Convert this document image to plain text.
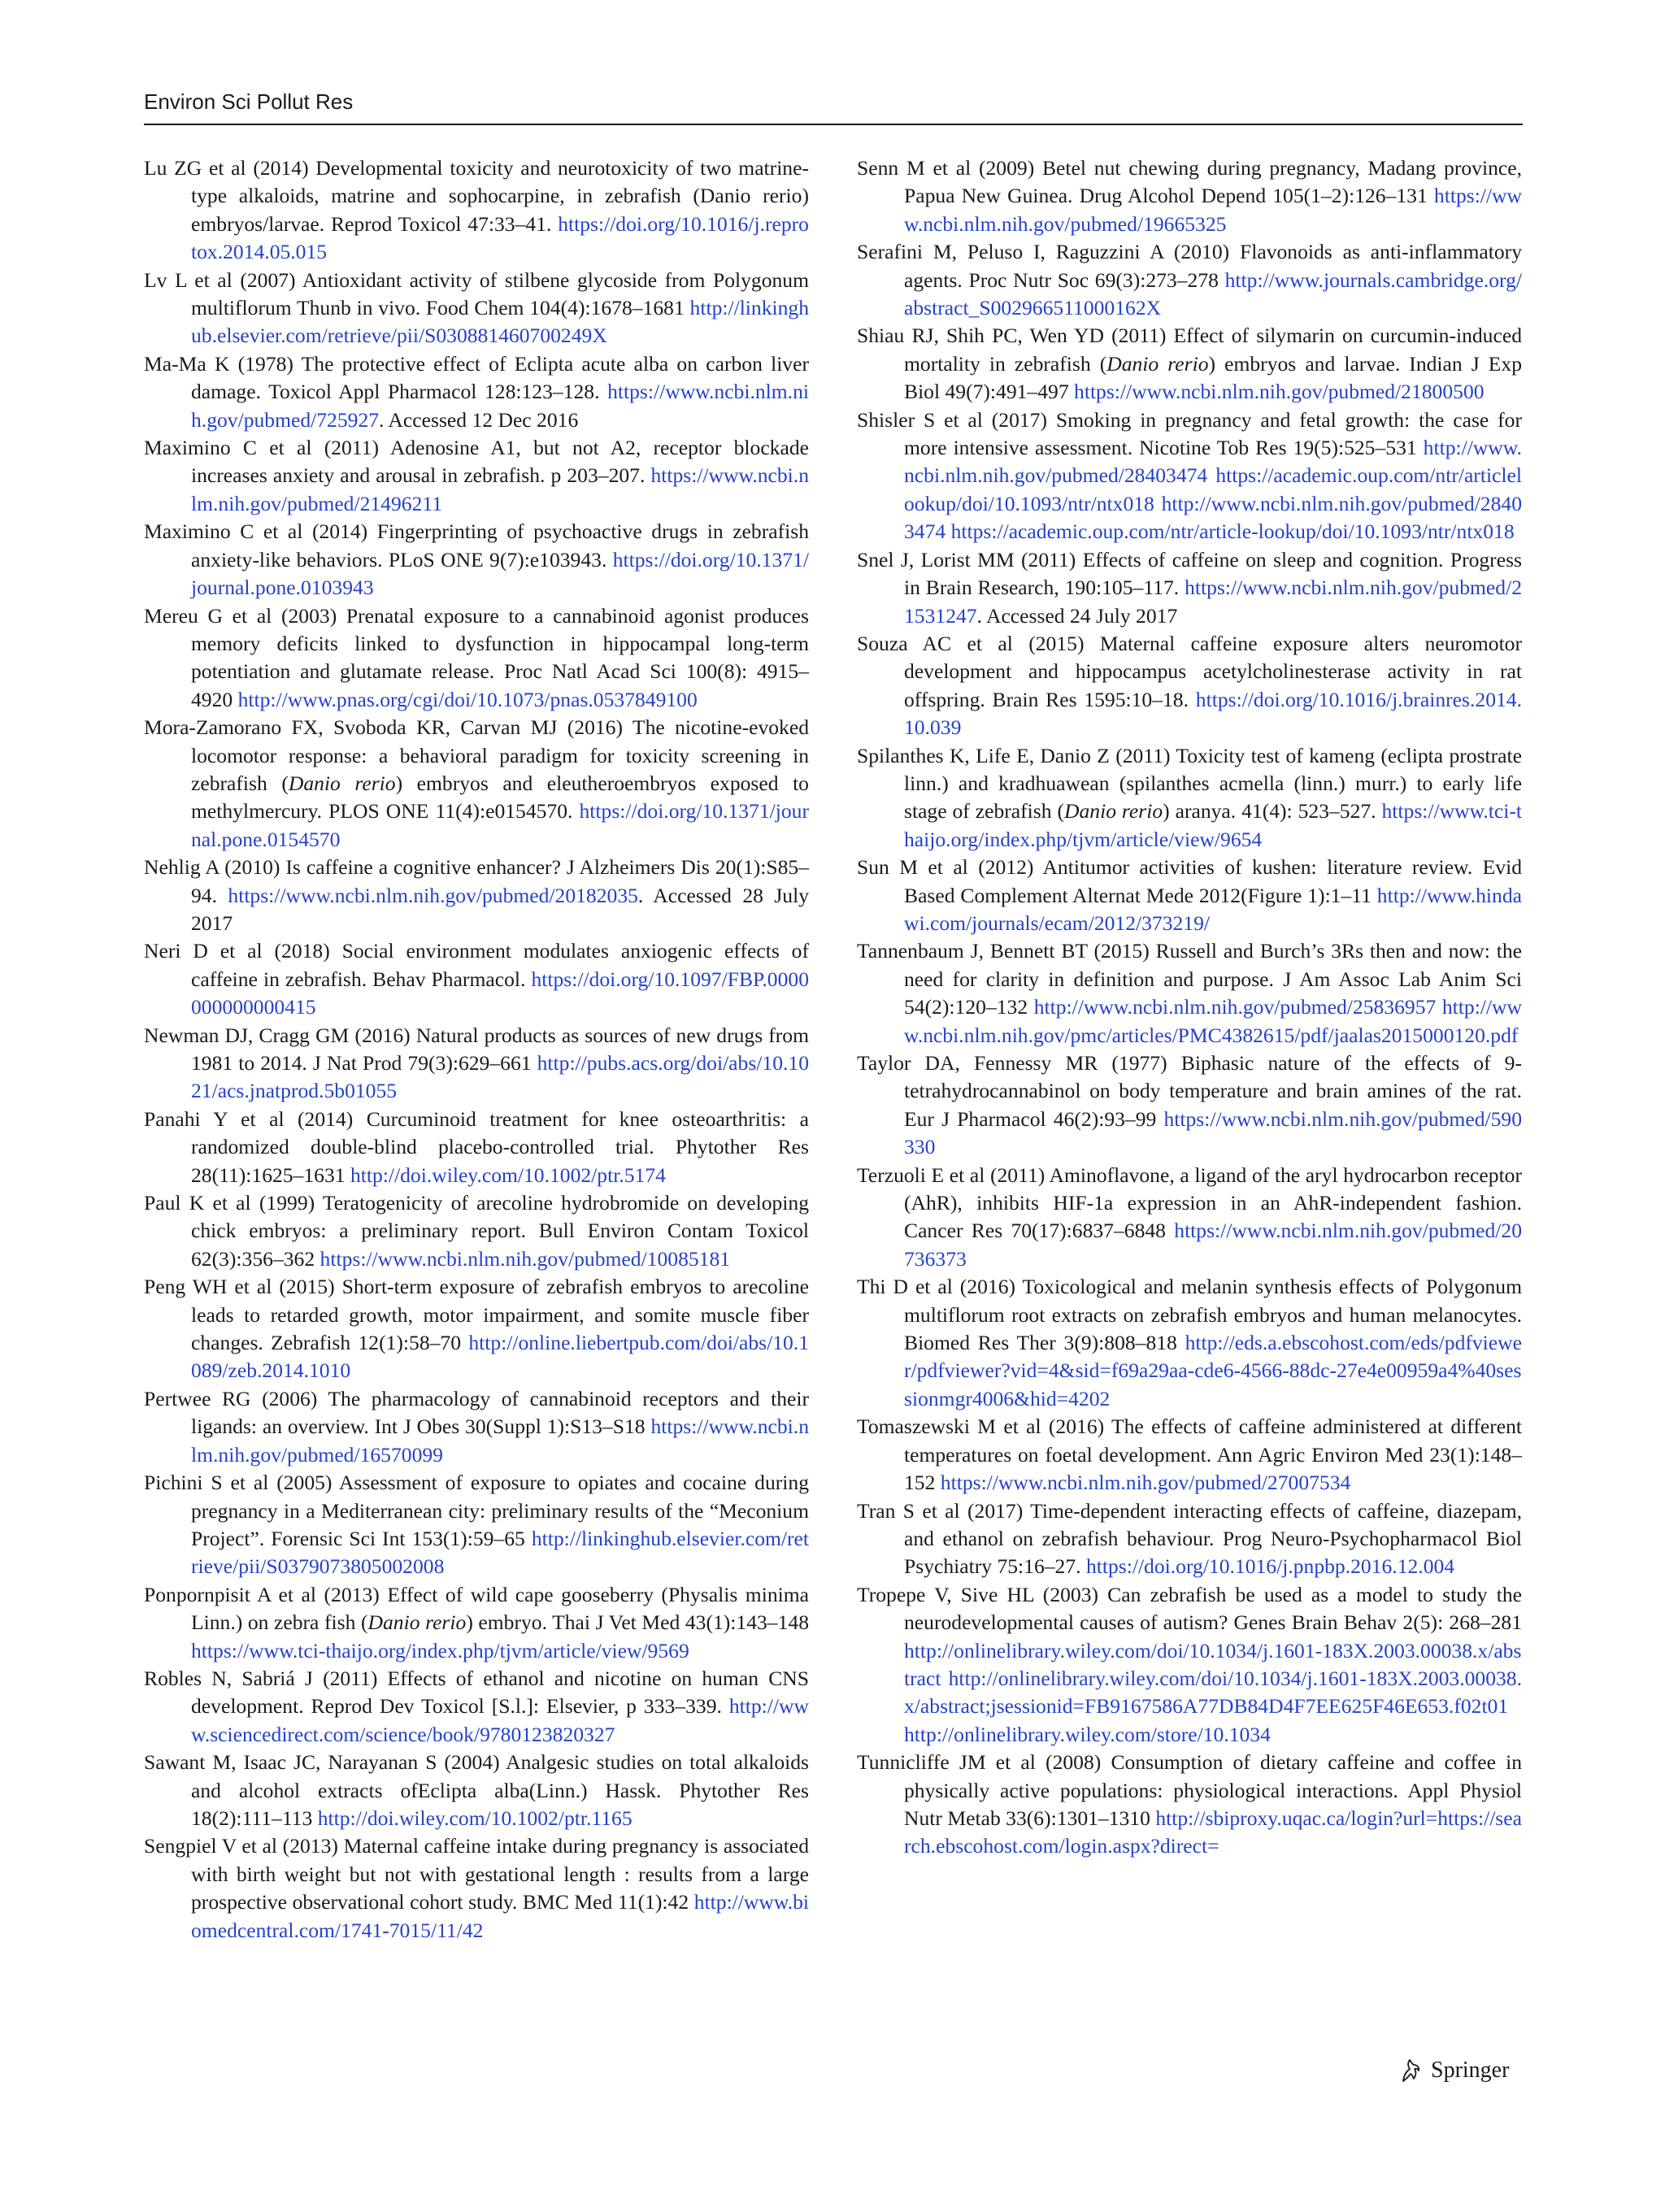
Environ Sci Pollut Res

Lu ZG et al (2014) Developmental toxicity and neurotoxicity of two matrine-type alkaloids, matrine and sophocarpine, in zebrafish (Danio rerio) embryos/larvae. Reprod Toxicol 47:33–41. https://doi.org/10.1016/j.reprotox.2014.05.015

Lv L et al (2007) Antioxidant activity of stilbene glycoside from Polygonum multiflorum Thunb in vivo. Food Chem 104(4):1678–1681 http://linkinghub.elsevier.com/retrieve/pii/S030881460700249X

Ma-Ma K (1978) The protective effect of Eclipta acute alba on carbon liver damage. Toxicol Appl Pharmacol 128:123–128. https://www.ncbi.nlm.nih.gov/pubmed/725927. Accessed 12 Dec 2016

Maximino C et al (2011) Adenosine A1, but not A2, receptor blockade increases anxiety and arousal in zebrafish. p 203–207. https://www.ncbi.nlm.nih.gov/pubmed/21496211

Maximino C et al (2014) Fingerprinting of psychoactive drugs in zebrafish anxiety-like behaviors. PLoS ONE 9(7):e103943. https://doi.org/10.1371/journal.pone.0103943

Mereu G et al (2003) Prenatal exposure to a cannabinoid agonist produces memory deficits linked to dysfunction in hippocampal long-term potentiation and glutamate release. Proc Natl Acad Sci 100(8): 4915–4920 http://www.pnas.org/cgi/doi/10.1073/pnas.0537849100

Mora-Zamorano FX, Svoboda KR, Carvan MJ (2016) The nicotine-evoked locomotor response: a behavioral paradigm for toxicity screening in zebrafish (Danio rerio) embryos and eleutheroembryos exposed to methylmercury. PLOS ONE 11(4):e0154570. https://doi.org/10.1371/journal.pone.0154570

Nehlig A (2010) Is caffeine a cognitive enhancer? J Alzheimers Dis 20(1):S85–94. https://www.ncbi.nlm.nih.gov/pubmed/20182035. Accessed 28 July 2017

Neri D et al (2018) Social environment modulates anxiogenic effects of caffeine in zebrafish. Behav Pharmacol. https://doi.org/10.1097/FBP.0000000000000415

Newman DJ, Cragg GM (2016) Natural products as sources of new drugs from 1981 to 2014. J Nat Prod 79(3):629–661 http://pubs.acs.org/doi/abs/10.1021/acs.jnatprod.5b01055

Panahi Y et al (2014) Curcuminoid treatment for knee osteoarthritis: a randomized double-blind placebo-controlled trial. Phytother Res 28(11):1625–1631 http://doi.wiley.com/10.1002/ptr.5174

Paul K et al (1999) Teratogenicity of arecoline hydrobromide on developing chick embryos: a preliminary report. Bull Environ Contam Toxicol 62(3):356–362 https://www.ncbi.nlm.nih.gov/pubmed/10085181

Peng WH et al (2015) Short-term exposure of zebrafish embryos to arecoline leads to retarded growth, motor impairment, and somite muscle fiber changes. Zebrafish 12(1):58–70 http://online.liebertpub.com/doi/abs/10.1089/zeb.2014.1010

Pertwee RG (2006) The pharmacology of cannabinoid receptors and their ligands: an overview. Int J Obes 30(Suppl 1):S13–S18 https://www.ncbi.nlm.nih.gov/pubmed/16570099

Pichini S et al (2005) Assessment of exposure to opiates and cocaine during pregnancy in a Mediterranean city: preliminary results of the “Meconium Project”. Forensic Sci Int 153(1):59–65 http://linkinghub.elsevier.com/retrieve/pii/S0379073805002008

Ponpornpisit A et al (2013) Effect of wild cape gooseberry (Physalis minima Linn.) on zebra fish (Danio rerio) embryo. Thai J Vet Med 43(1):143–148 https://www.tci-thaijo.org/index.php/tjvm/article/view/9569

Robles N, Sabriá J (2011) Effects of ethanol and nicotine on human CNS development. Reprod Dev Toxicol [S.l.]: Elsevier, p 333–339. http://www.sciencedirect.com/science/book/9780123820327

Sawant M, Isaac JC, Narayanan S (2004) Analgesic studies on total alkaloids and alcohol extracts ofEclipta alba(Linn.) Hassk. Phytother Res 18(2):111–113 http://doi.wiley.com/10.1002/ptr.1165

Sengpiel V et al (2013) Maternal caffeine intake during pregnancy is associated with birth weight but not with gestational length : results from a large prospective observational cohort study. BMC Med 11(1):42 http://www.biomedcentral.com/1741-7015/11/42

Senn M et al (2009) Betel nut chewing during pregnancy, Madang province, Papua New Guinea. Drug Alcohol Depend 105(1–2):126–131 https://www.ncbi.nlm.nih.gov/pubmed/19665325

Serafini M, Peluso I, Raguzzini A (2010) Flavonoids as anti-inflammatory agents. Proc Nutr Soc 69(3):273–278 http://www.journals.cambridge.org/abstract_S002966511000162X

Shiau RJ, Shih PC, Wen YD (2011) Effect of silymarin on curcumin-induced mortality in zebrafish (Danio rerio) embryos and larvae. Indian J Exp Biol 49(7):491–497 https://www.ncbi.nlm.nih.gov/pubmed/21800500

Shisler S et al (2017) Smoking in pregnancy and fetal growth: the case for more intensive assessment. Nicotine Tob Res 19(5):525–531 http://www.ncbi.nlm.nih.gov/pubmed/28403474 https://academic.oup.com/ntr/articlelookup/doi/10.1093/ntr/ntx018 http://www.ncbi.nlm.nih.gov/pubmed/28403474 https://academic.oup.com/ntr/article-lookup/doi/10.1093/ntr/ntx018

Snel J, Lorist MM (2011) Effects of caffeine on sleep and cognition. Progress in Brain Research, 190:105–117. https://www.ncbi.nlm.nih.gov/pubmed/21531247. Accessed 24 July 2017

Souza AC et al (2015) Maternal caffeine exposure alters neuromotor development and hippocampus acetylcholinesterase activity in rat offspring. Brain Res 1595:10–18. https://doi.org/10.1016/j.brainres.2014.10.039

Spilanthes K, Life E, Danio Z (2011) Toxicity test of kameng (eclipta prostrate linn.) and kradhuawean (spilanthes acmella (linn.) murr.) to early life stage of zebrafish (Danio rerio) aranya. 41(4): 523–527. https://www.tci-thaijo.org/index.php/tjvm/article/view/9654

Sun M et al (2012) Antitumor activities of kushen: literature review. Evid Based Complement Alternat Mede 2012(Figure 1):1–11 http://www.hindawi.com/journals/ecam/2012/373219/

Tannenbaum J, Bennett BT (2015) Russell and Burch’s 3Rs then and now: the need for clarity in definition and purpose. J Am Assoc Lab Anim Sci 54(2):120–132 http://www.ncbi.nlm.nih.gov/pubmed/25836957 http://www.ncbi.nlm.nih.gov/pmc/articles/PMC4382615/pdf/jaalas2015000120.pdf

Taylor DA, Fennessy MR (1977) Biphasic nature of the effects of 9-tetrahydrocannabinol on body temperature and brain amines of the rat. Eur J Pharmacol 46(2):93–99 https://www.ncbi.nlm.nih.gov/pubmed/590330

Terzuoli E et al (2011) Aminoflavone, a ligand of the aryl hydrocarbon receptor (AhR), inhibits HIF-1a expression in an AhR-independent fashion. Cancer Res 70(17):6837–6848 https://www.ncbi.nlm.nih.gov/pubmed/20736373

Thi D et al (2016) Toxicological and melanin synthesis effects of Polygonum multiflorum root extracts on zebrafish embryos and human melanocytes. Biomed Res Ther 3(9):808–818 http://eds.a.ebscohost.com/eds/pdfviewer/pdfviewer?vid=4&sid=f69a29aa-cde6-4566-88dc-27e4e00959a4%40sessionmgr4006&hid=4202

Tomaszewski M et al (2016) The effects of caffeine administered at different temperatures on foetal development. Ann Agric Environ Med 23(1):148–152 https://www.ncbi.nlm.nih.gov/pubmed/27007534

Tran S et al (2017) Time-dependent interacting effects of caffeine, diazepam, and ethanol on zebrafish behaviour. Prog Neuro-Psychopharmacol Biol Psychiatry 75:16–27. https://doi.org/10.1016/j.pnpbp.2016.12.004

Tropepe V, Sive HL (2003) Can zebrafish be used as a model to study the neurodevelopmental causes of autism? Genes Brain Behav 2(5): 268–281 http://onlinelibrary.wiley.com/doi/10.1034/j.1601-183X.2003.00038.x/abstract http://onlinelibrary.wiley.com/doi/10.1034/j.1601-183X.2003.00038.x/abstract;jsessionid=FB9167586A77DB84D4F7EE625F46E653.f02t01 http://onlinelibrary.wiley.com/store/10.1034

Tunnicliffe JM et al (2008) Consumption of dietary caffeine and coffee in physically active populations: physiological interactions. Appl Physiol Nutr Metab 33(6):1301–1310 http://sbiproxy.uqac.ca/login?url=https://search.ebscohost.com/login.aspx?direct=

Springer
